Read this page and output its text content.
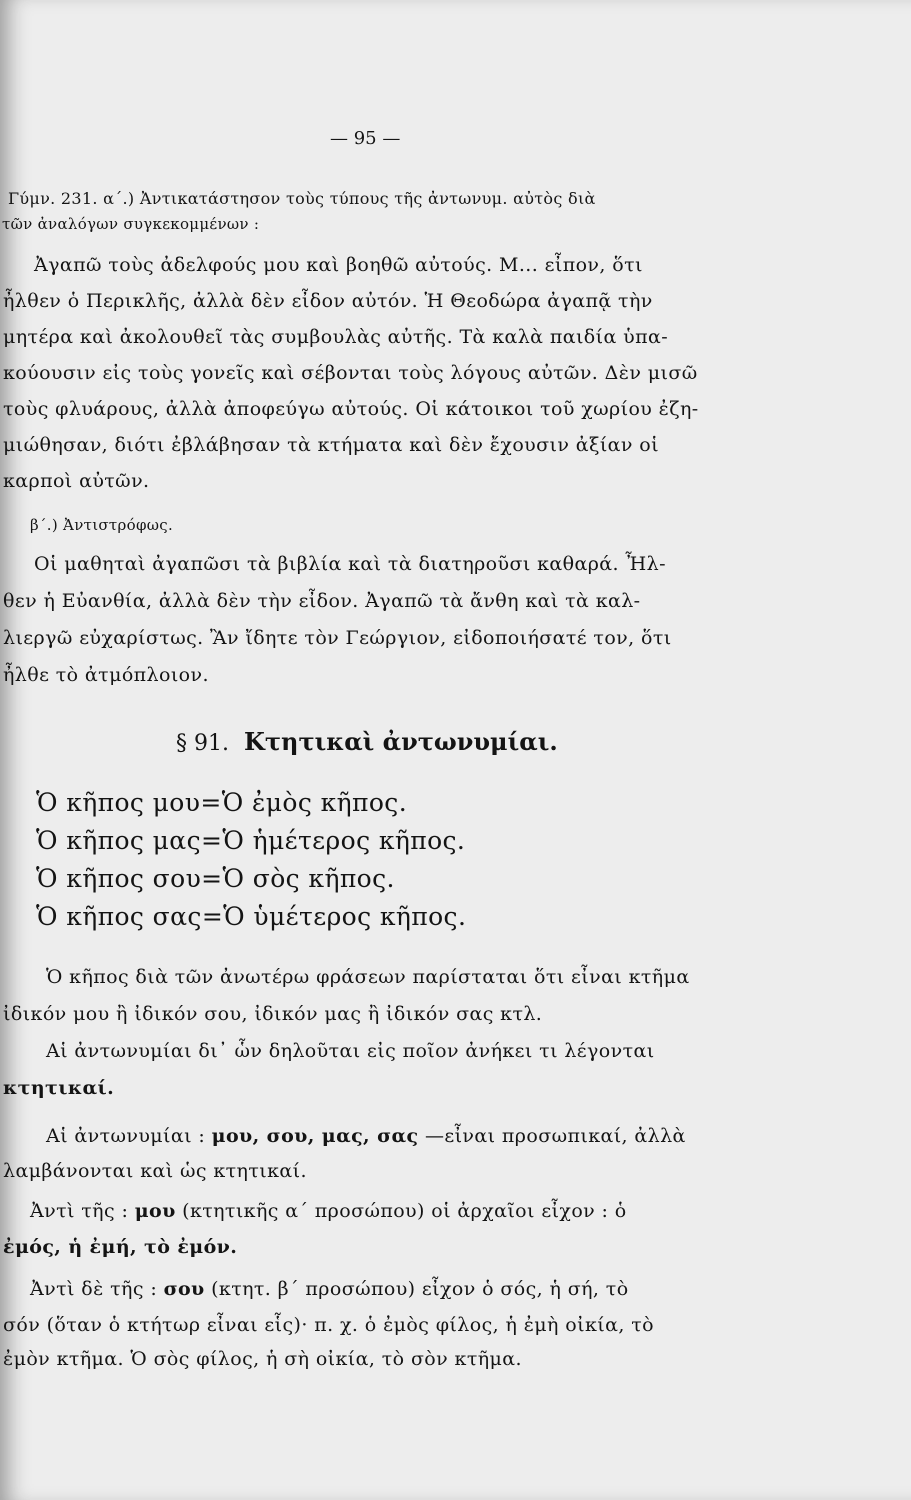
— 95 —
Γύμν. 231. α΄.) Ἀντικατάστησον τοὺς τύπους τῆς ἀντωνυμ. αὐτὸς διὰ
τῶν ἀναλόγων συγκεκομμένων :
Ἀγαπῶ τοὺς ἀδελφούς μου καὶ βοηθῶ αὐτούς. Μ... εἶπον, ὅτι
ἦλθεν ὁ Περικλῆς, ἀλλὰ δὲν εἶδον αὐτόν. Ἡ Θεοδώρα ἀγαπᾷ τὴν
μητέρα καὶ ἀκολουθεῖ τὰς συμβουλὰς αὐτῆς. Τὰ καλὰ παιδία ὑπα-
κούουσιν εἰς τοὺς γονεῖς καὶ σέβονται τοὺς λόγους αὐτῶν. Δὲν μισῶ
τοὺς φλυάρους, ἀλλὰ ἀποφεύγω αὐτούς. Οἱ κάτοικοι τοῦ χωρίου ἐζη-
μιώθησαν, διότι ἐβλάβησαν τὰ κτήματα καὶ δὲν ἔχουσιν ἀξίαν οἱ
καρποὶ αὐτῶν.
β΄.) Ἀντιστρόφως.
Οἱ μαθηταὶ ἀγαπῶσι τὰ βιβλία καὶ τὰ διατηροῦσι καθαρά. Ἦλ-
θεν ἡ Εὐανθία, ἀλλὰ δὲν τὴν εἶδον. Ἀγαπῶ τὰ ἄνθη καὶ τὰ καλ-
λιεργῶ εὐχαρίστως. Ἂν ἴδητε τὸν Γεώργιον, εἰδοποιήσατέ τον, ὅτι
ἦλθε τὸ ἀτμόπλοιον.
§ 91. Κτητικαὶ ἀντωνυμίαι.
Ὁ κῆπος μου=Ὁ ἐμὸς κῆπος.
Ὁ κῆπος μας=Ὁ ἡμέτερος κῆπος.
Ὁ κῆπος σου=Ὁ σὸς κῆπος.
Ὁ κῆπος σας=Ὁ ὑμέτερος κῆπος.
Ὁ κῆπος διὰ τῶν ἀνωτέρω φράσεων παρίσταται ὅτι εἶναι κτῆμα
ἰδικόν μου ἢ ἰδικόν σου, ἰδικόν μας ἢ ἰδικόν σας κτλ.
Αἱ ἀντωνυμίαι δι᾽ ὧν δηλοῦται εἰς ποῖον ἀνήκει τι λέγονται
κτητικαί.
Αἱ ἀντωνυμίαι : μου, σου, μας, σας —εἶναι προσωπικαί, ἀλλὰ
λαμβάνονται καὶ ὡς κτητικαί.
Ἀντὶ τῆς : μου (κτητικῆς α΄ προσώπου) οἱ ἀρχαῖοι εἶχον : ὁ
ἐμός, ἡ ἐμή, τὸ ἐμόν.
Ἀντὶ δὲ τῆς : σου (κτητ. β΄ προσώπου) εἶχον ὁ σός, ἡ σή, τὸ
σόν (ὅταν ὁ κτήτωρ εἶναι εἷς)· π. χ. ὁ ἐμὸς φίλος, ἡ ἐμὴ οἰκία, τὸ
ἐμὸν κτῆμα. Ὁ σὸς φίλος, ἡ σὴ οἰκία, τὸ σὸν κτῆμα.
